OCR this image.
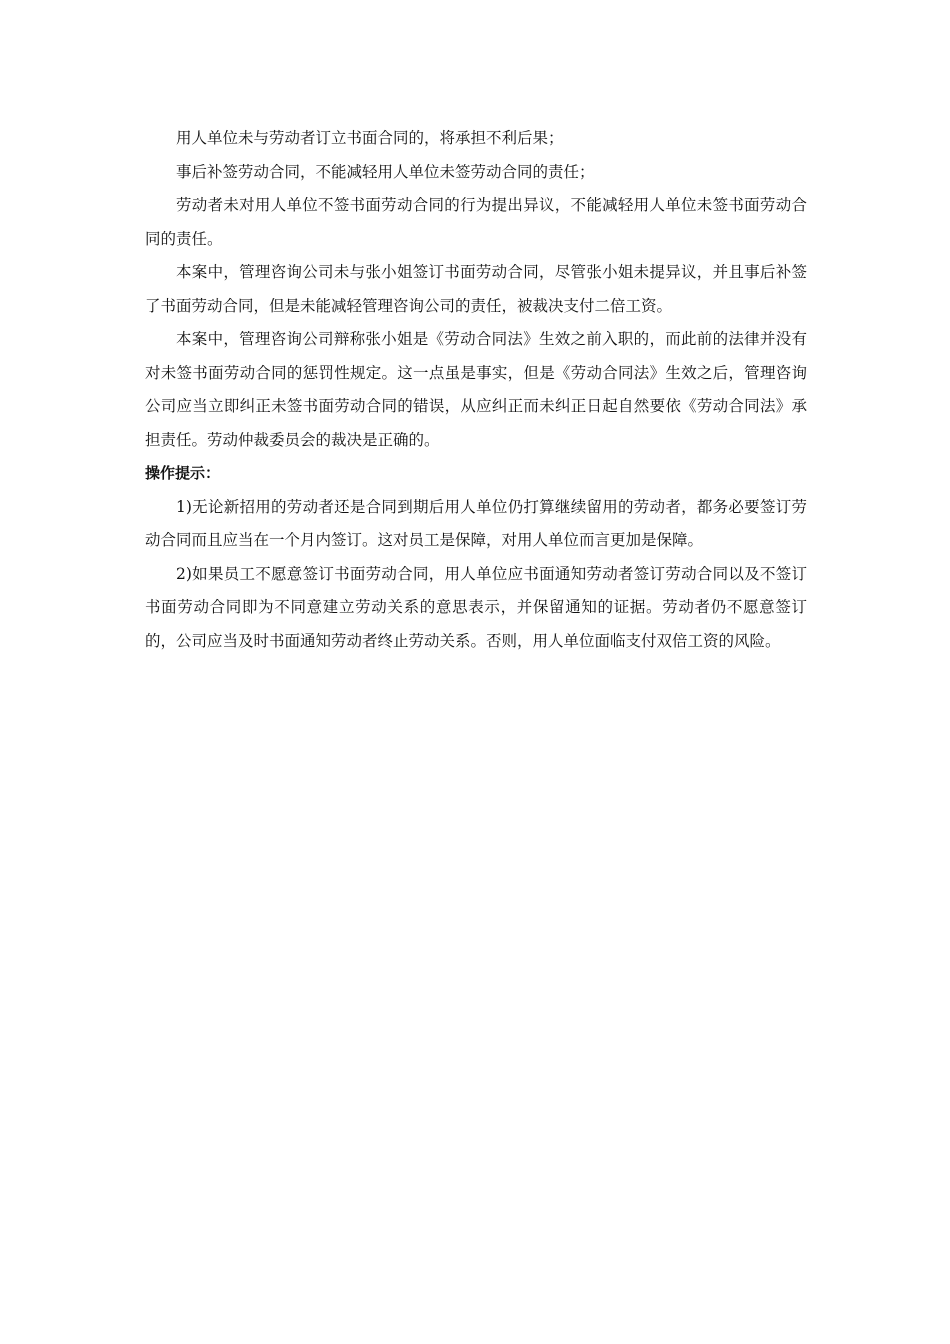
用人单位未与劳动者订立书面合同的，将承担不利后果；

事后补签劳动合同，不能减轻用人单位未签劳动合同的责任；

劳动者未对用人单位不签书面劳动合同的行为提出异议，不能减轻用人单位未签书面劳动合同的责任。

本案中，管理咨询公司未与张小姐签订书面劳动合同，尽管张小姐未提异议，并且事后补签了书面劳动合同，但是未能减轻管理咨询公司的责任，被裁决支付二倍工资。

本案中，管理咨询公司辩称张小姐是《劳动合同法》生效之前入职的，而此前的法律并没有对未签书面劳动合同的惩罚性规定。这一点虽是事实，但是《劳动合同法》生效之后，管理咨询公司应当立即纠正未签书面劳动合同的错误，从应纠正而未纠正日起自然要依《劳动合同法》承担责任。劳动仲裁委员会的裁决是正确的。

操作提示：

1)无论新招用的劳动者还是合同到期后用人单位仍打算继续留用的劳动者，都务必要签订劳动合同而且应当在一个月内签订。这对员工是保障，对用人单位而言更加是保障。

2)如果员工不愿意签订书面劳动合同，用人单位应书面通知劳动者签订劳动合同以及不签订书面劳动合同即为不同意建立劳动关系的意思表示，并保留通知的证据。劳动者仍不愿意签订的，公司应当及时书面通知劳动者终止劳动关系。否则，用人单位面临支付双倍工资的风险。
